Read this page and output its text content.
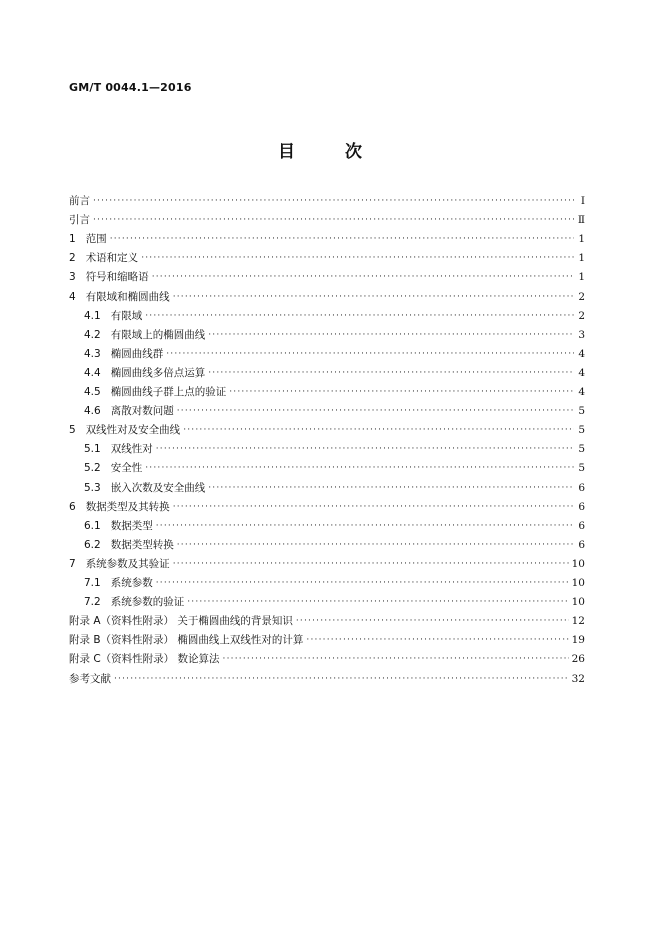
GM/T 0044.1—2016
目 次
前言 ·····	Ⅰ
引言 ·····	Ⅱ
1 范围 ·····	1
2 术语和定义 ·····	1
3 符号和缩略语 ·····	1
4 有限域和椭圆曲线 ·····	2
4.1 有限域 ·····	2
4.2 有限域上的椭圆曲线 ·····	3
4.3 椭圆曲线群 ·····	4
4.4 椭圆曲线多倍点运算 ·····	4
4.5 椭圆曲线子群上点的验证 ·····	4
4.6 离散对数问题 ·····	5
5 双线性对及安全曲线 ·····	5
5.1 双线性对 ·····	5
5.2 安全性 ·····	5
5.3 嵌入次数及安全曲线 ·····	6
6 数据类型及其转换 ·····	6
6.1 数据类型 ·····	6
6.2 数据类型转换 ·····	6
7 系统参数及其验证 ·····	10
7.1 系统参数 ·····	10
7.2 系统参数的验证 ·····	10
附录 A（资料性附录） 关于椭圆曲线的背景知识 ·····	12
附录 B（资料性附录） 椭圆曲线上双线性对的计算 ·····	19
附录 C（资料性附录） 数论算法 ·····	26
参考文献 ·····	32
